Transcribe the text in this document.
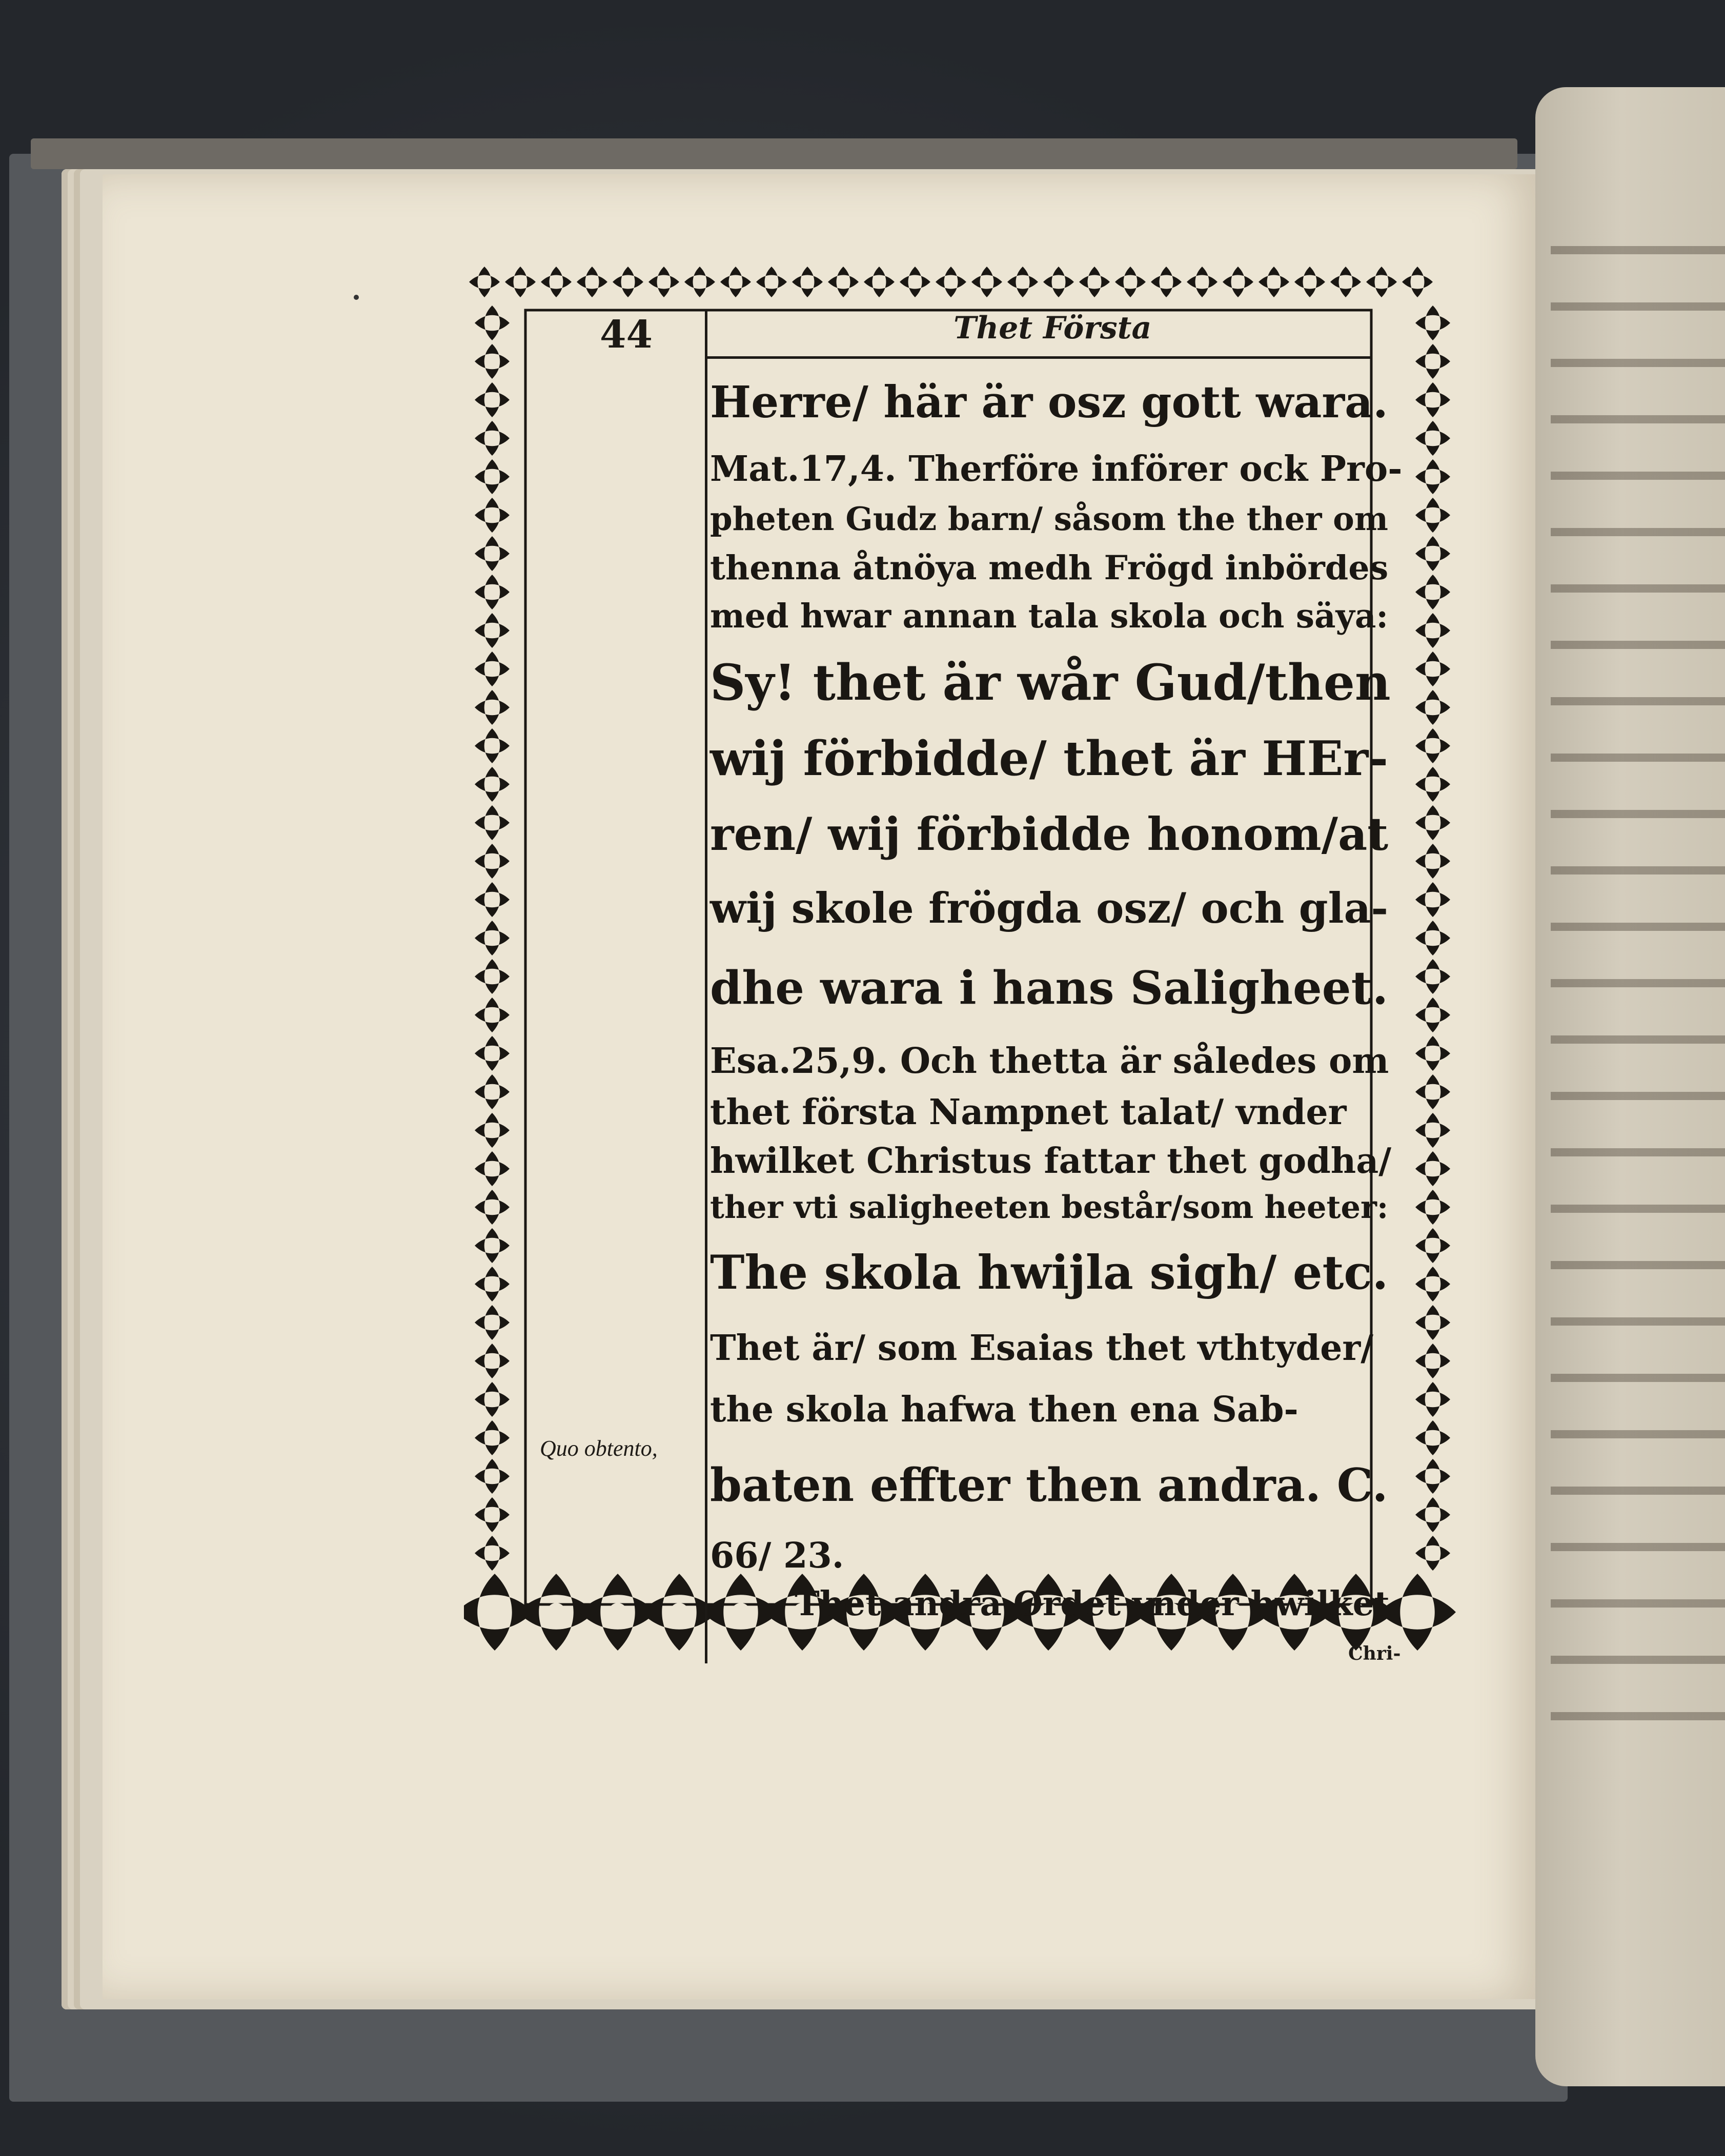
44	Thet Första
Herre/ här är osz gott wara.
Mat.17,4. Therföre införer ock Pro-
pheten Gudz barn/ såsom the ther om
thenna åtnöya medh Frögd inbördes
med hwar annan tala skola och säya:
Sy! thet är wår Gud/then
wij förbidde/ thet är HEr-
ren/ wij förbidde honom/at
wij skole frögda osz/ och gla-
dhe wara i hans Saligheet.
Esa.25,9. Och thetta är således om
thet första Nampnet talat/ vnder
hwilket Christus fattar thet godha/
ther vti saligheeten består/som heeter:
The skola hwijla sigh/ etc.
Thet är/ som Esaias thet vthtyder/
the skola hafwa then ena Sab-
baten effter then andra. C.
66/ 23.
Thet andra Ordet vnder hwilket
Quo obtento,
Chri-
